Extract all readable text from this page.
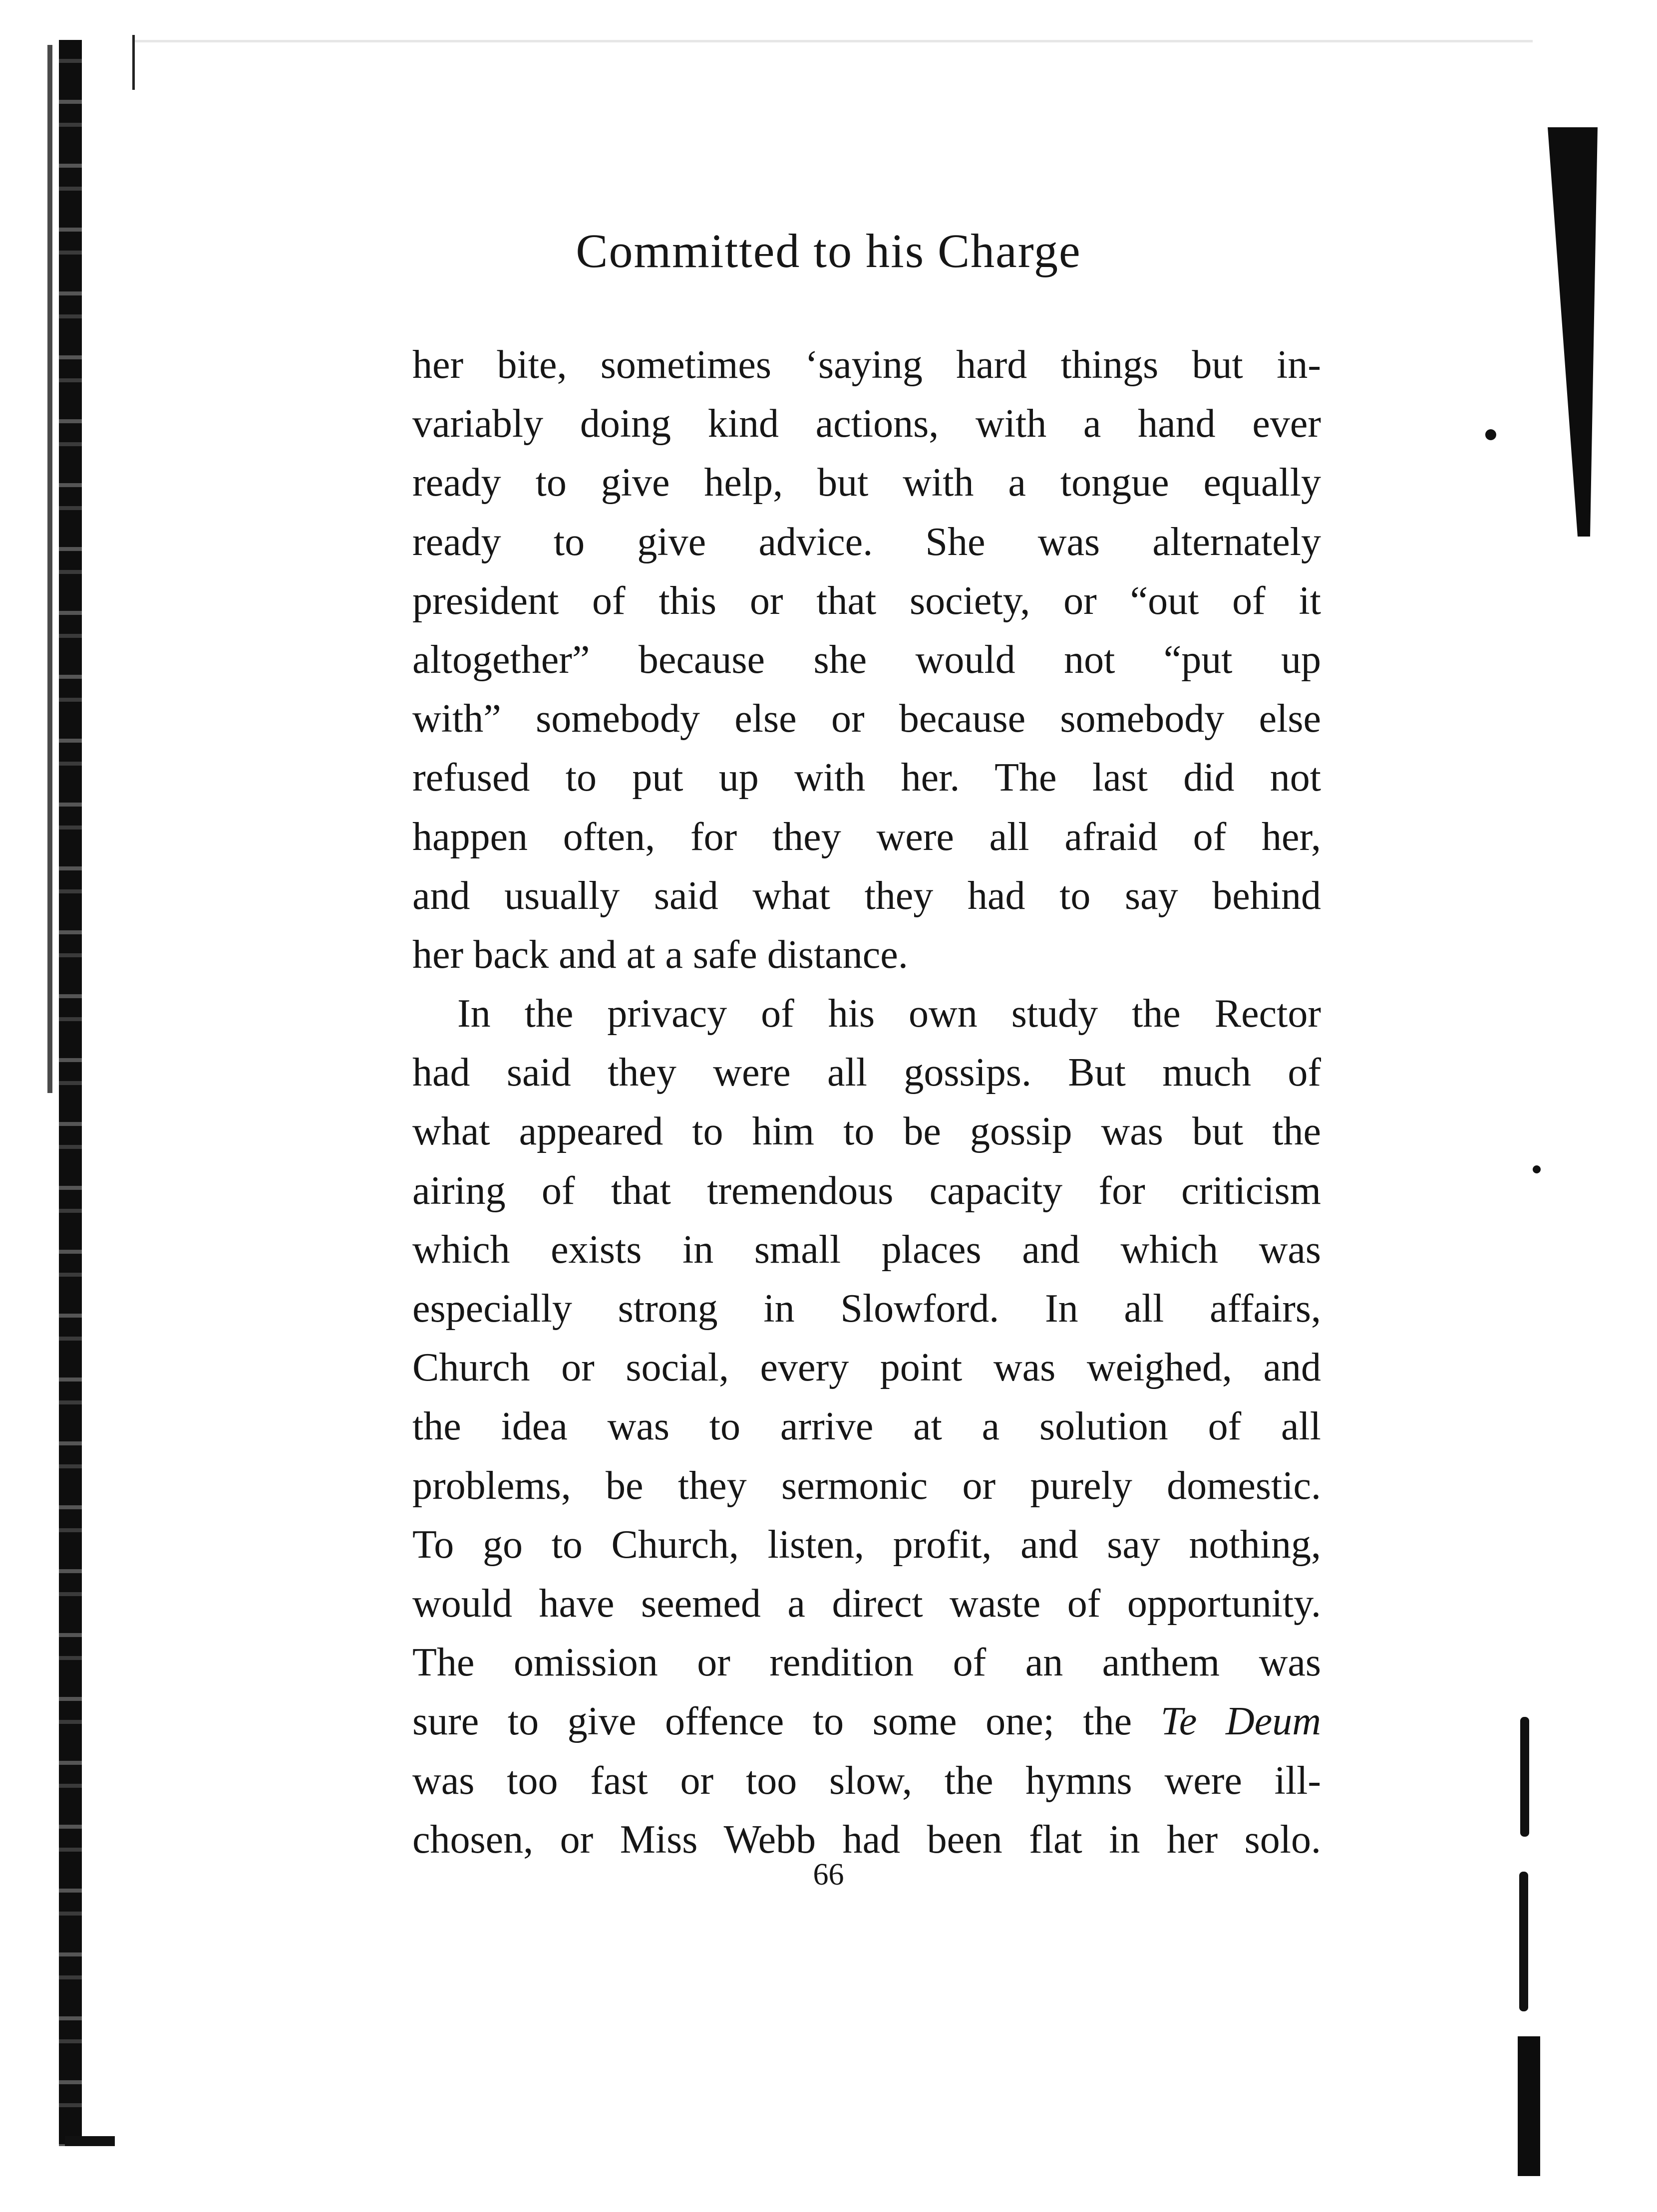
Committed to his Charge
her bite, sometimes ‘saying hard things but in-
variably doing kind actions, with a hand ever
ready to give help, but with a tongue equally
ready to give advice. She was alternately
president of this or that society, or “out of it
altogether” because she would not “put up
with” somebody else or because somebody else
refused to put up with her. The last did not
happen often, for they were all afraid of her,
and usually said what they had to say behind
her back and at a safe distance.
In the privacy of his own study the Rector
had said they were all gossips. But much of
what appeared to him to be gossip was but the
airing of that tremendous capacity for criticism
which exists in small places and which was
especially strong in Slowford. In all affairs,
Church or social, every point was weighed, and
the idea was to arrive at a solution of all
problems, be they sermonic or purely domestic.
To go to Church, listen, profit, and say nothing,
would have seemed a direct waste of opportunity.
The omission or rendition of an anthem was
sure to give offence to some one; the Te Deum
was too fast or too slow, the hymns were ill-
chosen, or Miss Webb had been flat in her solo.
66
